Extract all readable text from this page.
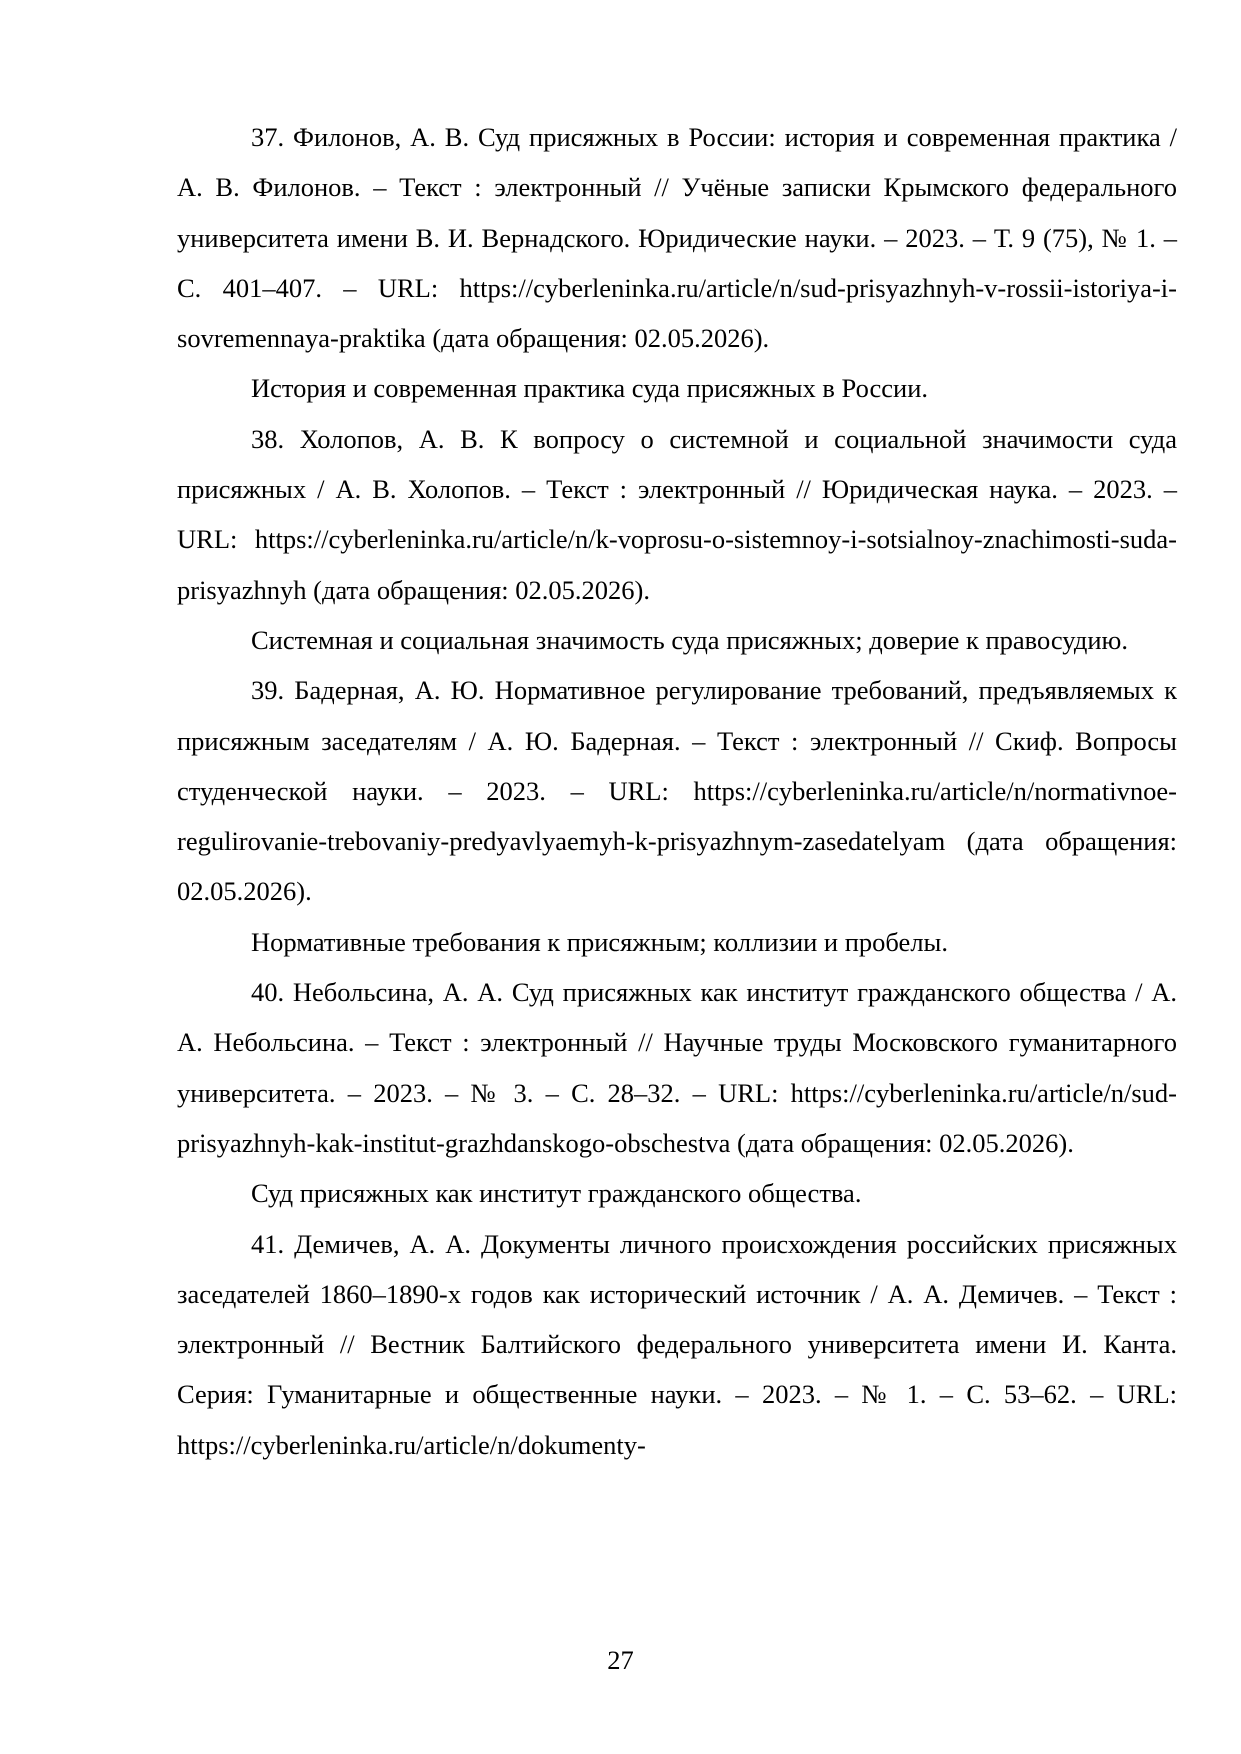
37. Филонов, А. В. Суд присяжных в России: история и современная практика / А. В. Филонов. – Текст : электронный // Учёные записки Крымского федерального университета имени В. И. Вернадского. Юридические науки. – 2023. – Т. 9 (75), № 1. – С. 401–407. – URL: https://cyberleninka.ru/article/n/sud-prisyazhnyh-v-rossii-istoriya-i-sovremennaya-praktika (дата обращения: 02.05.2026).

История и современная практика суда присяжных в России.

38. Холопов, А. В. К вопросу о системной и социальной значимости суда присяжных / А. В. Холопов. – Текст : электронный // Юридическая наука. – 2023. – URL: https://cyberleninka.ru/article/n/k-voprosu-o-sistemnoy-i-sotsialnoy-znachimosti-suda-prisyazhnyh (дата обращения: 02.05.2026).

Системная и социальная значимость суда присяжных; доверие к правосудию.

39. Бадерная, А. Ю. Нормативное регулирование требований, предъявляемых к присяжным заседателям / А. Ю. Бадерная. – Текст : электронный // Скиф. Вопросы студенческой науки. – 2023. – URL: https://cyberleninka.ru/article/n/normativnoe-regulirovanie-trebovaniy-predyavlyaemyh-k-prisyazhnym-zasedatelyam (дата обращения: 02.05.2026).

Нормативные требования к присяжным; коллизии и пробелы.

40. Небольсина, А. А. Суд присяжных как институт гражданского общества / А. А. Небольсина. – Текст : электронный // Научные труды Московского гуманитарного университета. – 2023. – № 3. – С. 28–32. – URL: https://cyberleninka.ru/article/n/sud-prisyazhnyh-kak-institut-grazhdanskogo-obschestva (дата обращения: 02.05.2026).

Суд присяжных как институт гражданского общества.

41. Демичев, А. А. Документы личного происхождения российских присяжных заседателей 1860–1890-х годов как исторический источник / А. А. Демичев. – Текст : электронный // Вестник Балтийского федерального университета имени И. Канта. Серия: Гуманитарные и общественные науки. – 2023. – № 1. – С. 53–62. – URL: https://cyberleninka.ru/article/n/dokumenty-

27
